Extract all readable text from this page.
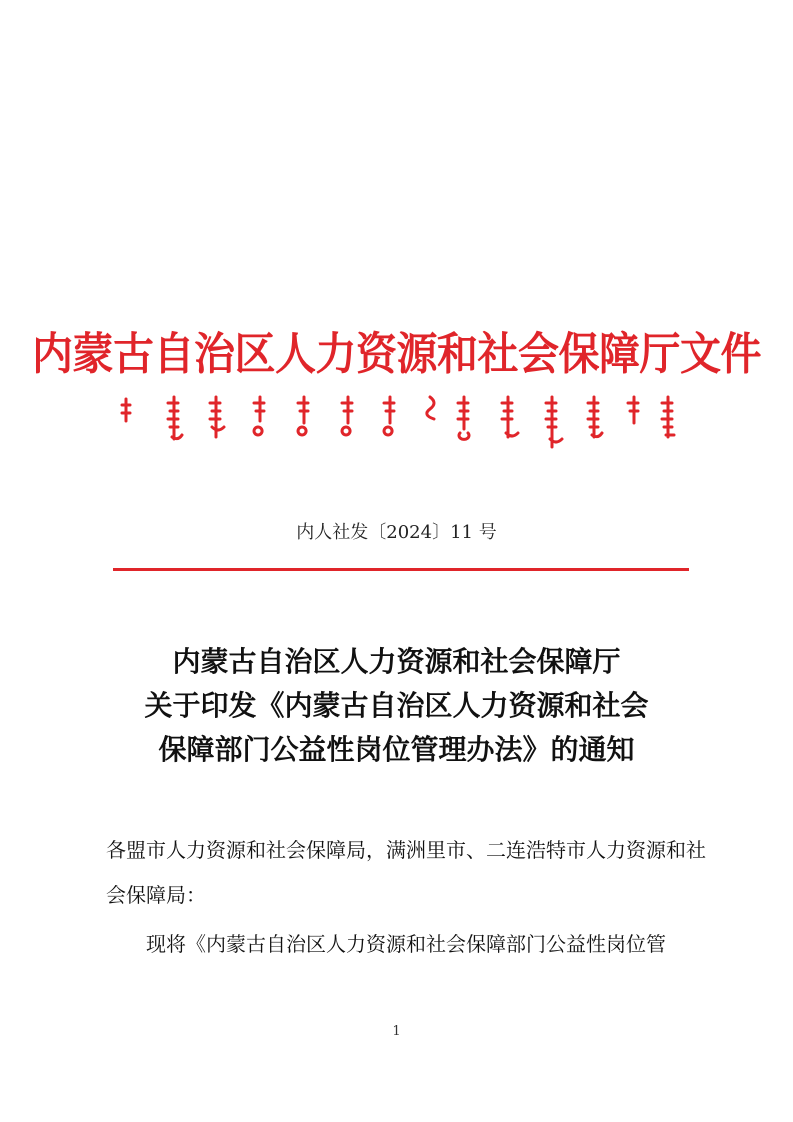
内蒙古自治区人力资源和社会保障厅文件
内人社发〔2024〕11 号
内蒙古自治区人力资源和社会保障厅
关于印发《内蒙古自治区人力资源和社会
保障部门公益性岗位管理办法》的通知
各盟市人力资源和社会保障局，满洲里市、二连浩特市人力资源和社会保障局：
现将《内蒙古自治区人力资源和社会保障部门公益性岗位管
1
